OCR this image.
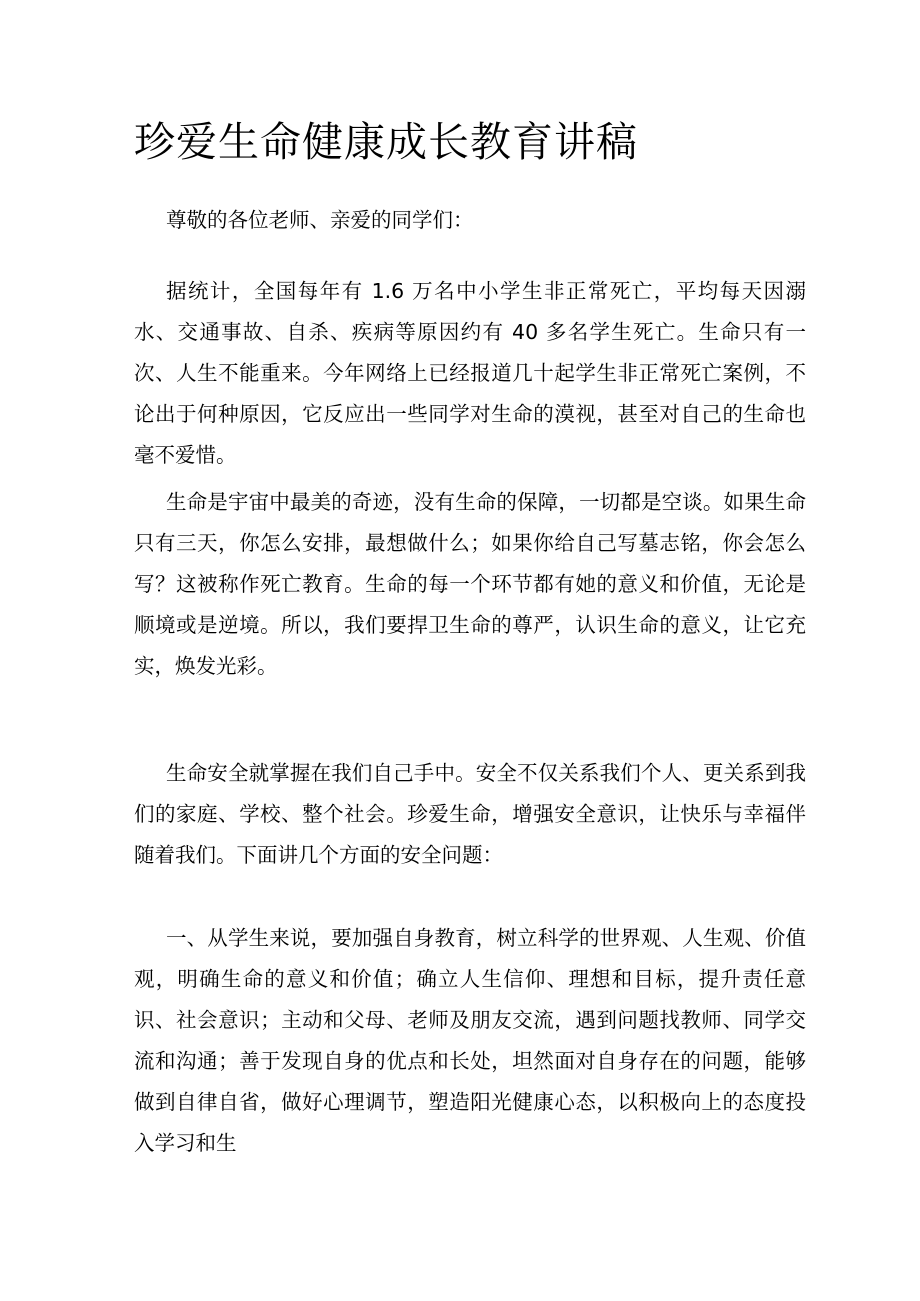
珍爱生命健康成长教育讲稿

尊敬的各位老师、亲爱的同学们：

据统计，全国每年有 1.6 万名中小学生非正常死亡，平均每天因溺水、交通事故、自杀、疾病等原因约有 40 多名学生死亡。生命只有一次、人生不能重来。今年网络上已经报道几十起学生非正常死亡案例，不论出于何种原因，它反应出一些同学对生命的漠视，甚至对自己的生命也毫不爱惜。

生命是宇宙中最美的奇迹，没有生命的保障，一切都是空谈。如果生命只有三天，你怎么安排，最想做什么；如果你给自己写墓志铭，你会怎么写？这被称作死亡教育。生命的每一个环节都有她的意义和价值，无论是顺境或是逆境。所以，我们要捍卫生命的尊严，认识生命的意义，让它充实，焕发光彩。

生命安全就掌握在我们自己手中。安全不仅关系我们个人、更关系到我们的家庭、学校、整个社会。珍爱生命，增强安全意识，让快乐与幸福伴随着我们。下面讲几个方面的安全问题：

一、从学生来说，要加强自身教育，树立科学的世界观、人生观、价值观，明确生命的意义和价值；确立人生信仰、理想和目标，提升责任意识、社会意识；主动和父母、老师及朋友交流，遇到问题找教师、同学交流和沟通；善于发现自身的优点和长处，坦然面对自身存在的问题，能够做到自律自省，做好心理调节，塑造阳光健康心态，以积极向上的态度投入学习和生
